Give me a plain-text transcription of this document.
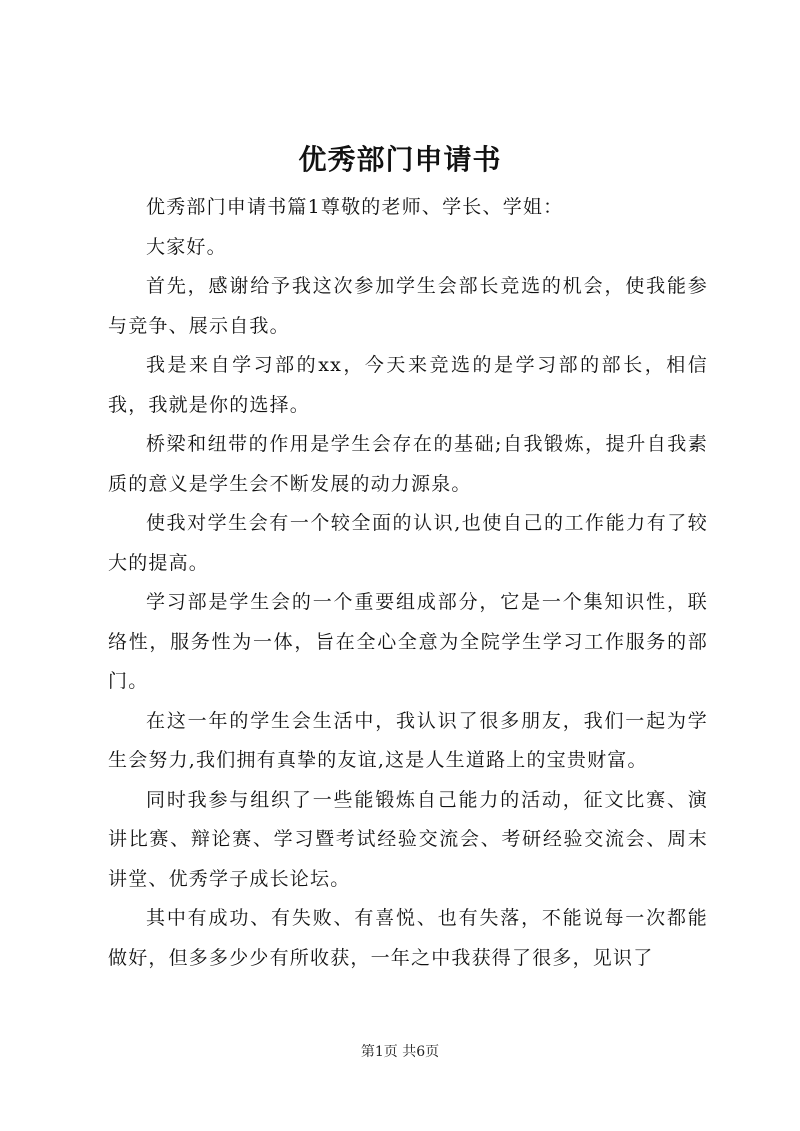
优秀部门申请书

优秀部门申请书篇1尊敬的老师、学长、学姐：

大家好。

首先，感谢给予我这次参加学生会部长竞选的机会，使我能参与竞争、展示自我。

我是来自学习部的xx，今天来竞选的是学习部的部长，相信我，我就是你的选择。

桥梁和纽带的作用是学生会存在的基础;自我锻炼，提升自我素质的意义是学生会不断发展的动力源泉。

使我对学生会有一个较全面的认识,也使自己的工作能力有了较大的提高。

学习部是学生会的一个重要组成部分，它是一个集知识性，联络性，服务性为一体，旨在全心全意为全院学生学习工作服务的部门。

在这一年的学生会生活中，我认识了很多朋友，我们一起为学生会努力,我们拥有真挚的友谊,这是人生道路上的宝贵财富。

同时我参与组织了一些能锻炼自己能力的活动，征文比赛、演讲比赛、辩论赛、学习暨考试经验交流会、考研经验交流会、周末讲堂、优秀学子成长论坛。

其中有成功、有失败、有喜悦、也有失落，不能说每一次都能做好，但多多少少有所收获，一年之中我获得了很多，见识了

第1页 共6页
